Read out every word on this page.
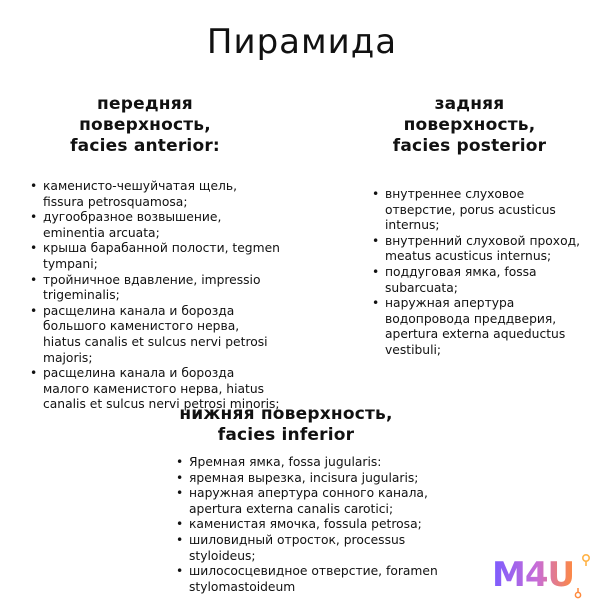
Пирамида
передняя поверхность,
facies anterior:
• каменисто-чешуйчатая щель, fissura petrosquamosa;
• дугообразное возвышение, eminentia arcuata;
• крыша барабанной полости, tegmen tympani;
• тройничное вдавление, impressio trigeminalis;
• расщелина канала и борозда большого каменистого нерва, hiatus canalis et sulcus nervi petrosi majoris;
• расщелина канала и борозда малого каменистого нерва, hiatus canalis et sulcus nervi petrosi minoris;
задняя поверхность,
facies posterior
• внутреннее слуховое отверстие, porus acusticus internus;
• внутренний слуховой проход, meatus acusticus internus;
• поддуговая ямка, fossa subarcuata;
• наружная апертура водопровода преддверия, apertura externa aqueductus vestibuli;
нижняя поверхность,
facies inferior
• Яремная ямка, fossa jugularis:
• яремная вырезка, incisura jugularis;
• наружная апертура сонного канала, apertura externa canalis carotici;
• каменистая ямочка, fossula petrosa;
• шиловидный отросток, processus styloideus;
• шилососцевидное отверстие, foramen stylomastoideum	M4U
